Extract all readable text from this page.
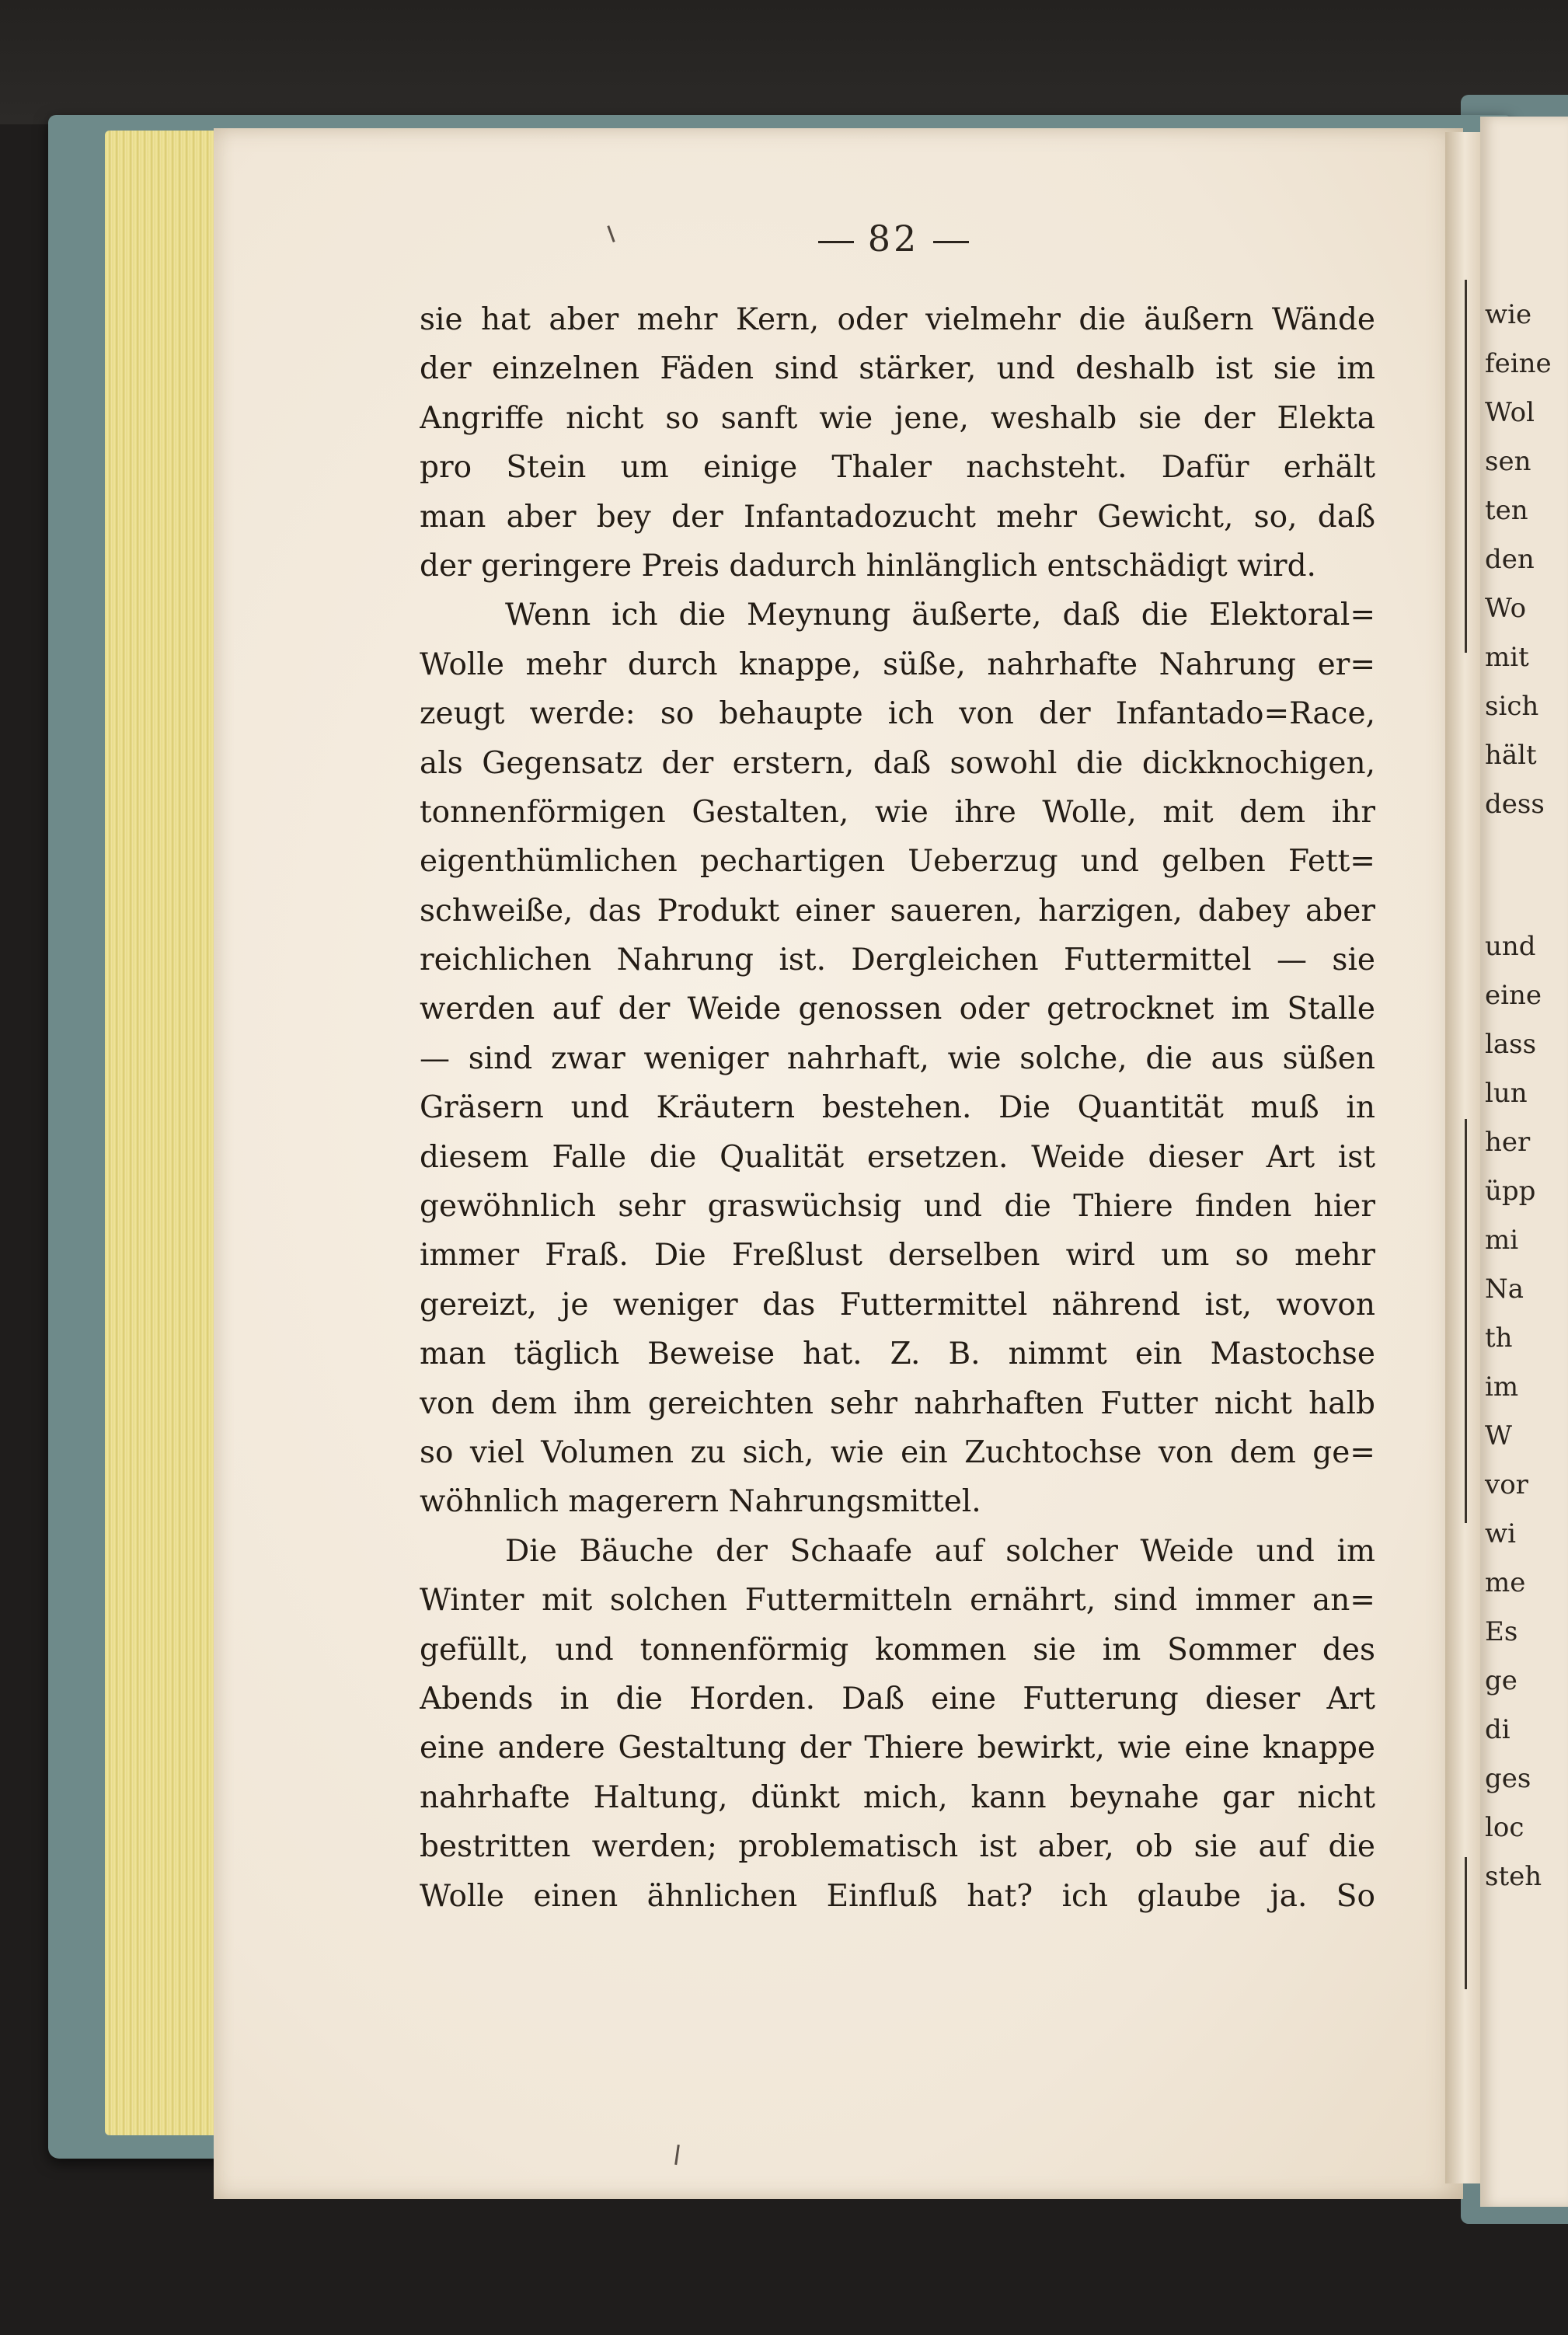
wie
feine
Wol
sen
ten
den
Wo
mit
sich
hält
dess
und
eine
lass
lun
her
üpp
mi
Na
th
im
W
vor
wi
me
Es
ge
di
ges
loc
steh
82
sie hat aber mehr Kern, oder vielmehr die äußern Wände
der einzelnen Fäden sind stärker, und deshalb ist sie im
Angriffe nicht so sanft wie jene, weshalb sie der Elekta
pro Stein um einige Thaler nachsteht. Dafür erhält
man aber bey der Infantadozucht mehr Gewicht, so, daß
der geringere Preis dadurch hinlänglich entschädigt wird.
Wenn ich die Meynung äußerte, daß die Elektoral=
Wolle mehr durch knappe, süße, nahrhafte Nahrung er=
zeugt werde: so behaupte ich von der Infantado=Race,
als Gegensatz der erstern, daß sowohl die dickknochigen,
tonnenförmigen Gestalten, wie ihre Wolle, mit dem ihr
eigenthümlichen pechartigen Ueberzug und gelben Fett=
schweiße, das Produkt einer saueren, harzigen, dabey aber
reichlichen Nahrung ist. Dergleichen Futtermittel — sie
werden auf der Weide genossen oder getrocknet im Stalle
— sind zwar weniger nahrhaft, wie solche, die aus süßen
Gräsern und Kräutern bestehen. Die Quantität muß in
diesem Falle die Qualität ersetzen. Weide dieser Art ist
gewöhnlich sehr graswüchsig und die Thiere finden hier
immer Fraß. Die Freßlust derselben wird um so mehr
gereizt, je weniger das Futtermittel nährend ist, wovon
man täglich Beweise hat. Z. B. nimmt ein Mastochse
von dem ihm gereichten sehr nahrhaften Futter nicht halb
so viel Volumen zu sich, wie ein Zuchtochse von dem ge=
wöhnlich magerern Nahrungsmittel.
Die Bäuche der Schaafe auf solcher Weide und im
Winter mit solchen Futtermitteln ernährt, sind immer an=
gefüllt, und tonnenförmig kommen sie im Sommer des
Abends in die Horden. Daß eine Futterung dieser Art
eine andere Gestaltung der Thiere bewirkt, wie eine knappe
nahrhafte Haltung, dünkt mich, kann beynahe gar nicht
bestritten werden; problematisch ist aber, ob sie auf die
Wolle einen ähnlichen Einfluß hat? ich glaube ja. So
